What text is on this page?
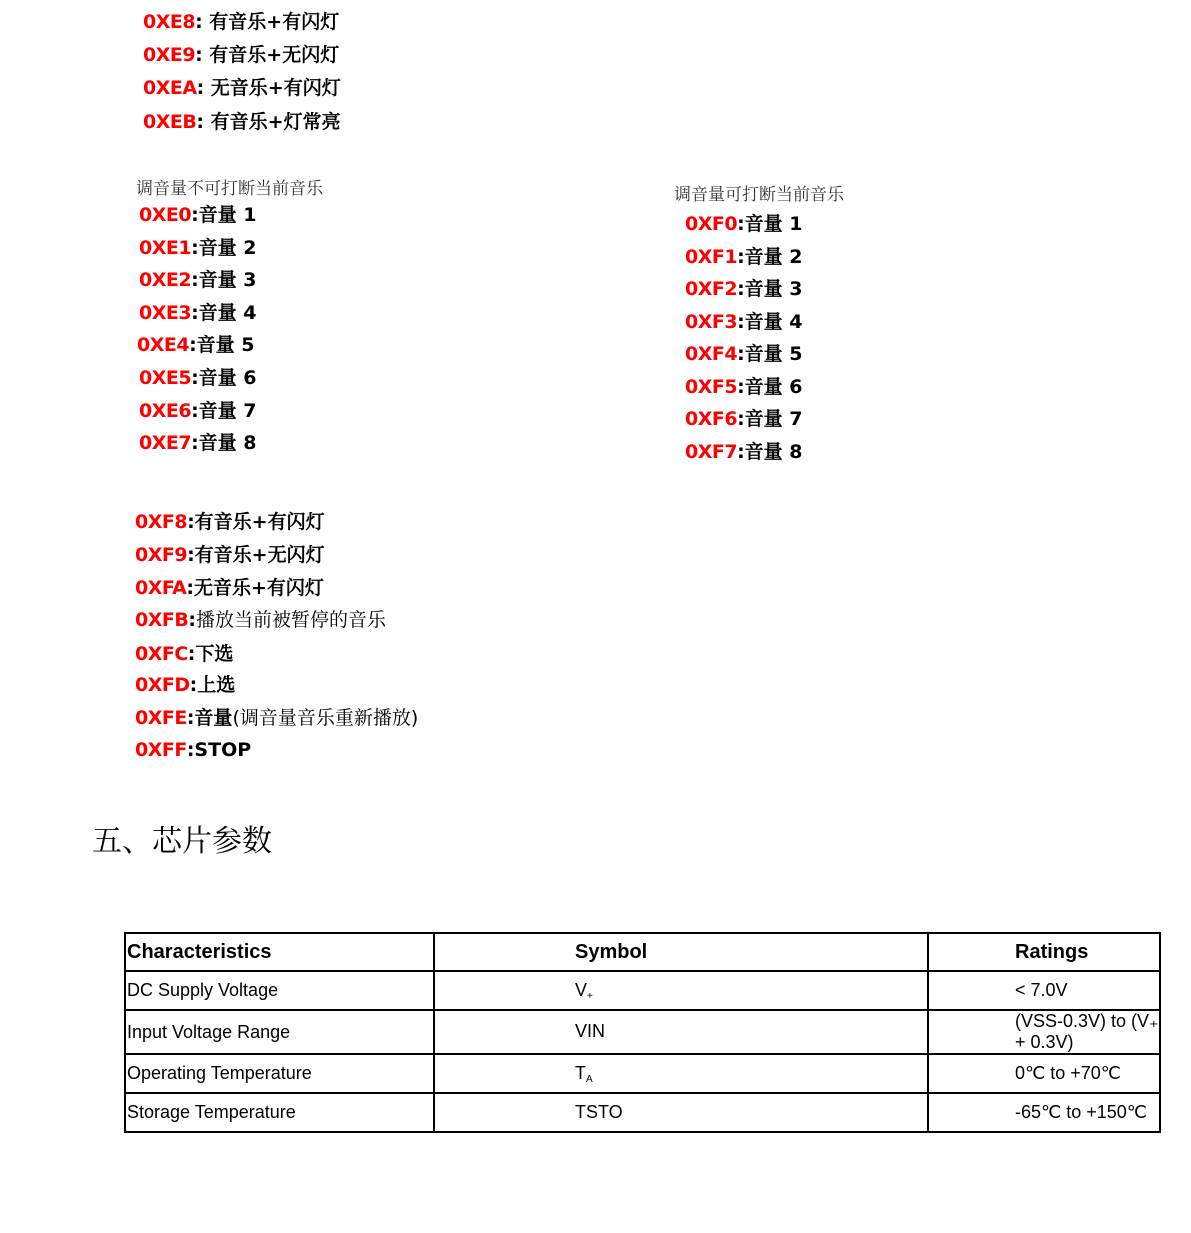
0XE8: 有音乐+有闪灯
0XE9: 有音乐+无闪灯
0XEA: 无音乐+有闪灯
0XEB: 有音乐+灯常亮
调音量不可打断当前音乐
0XE0:音量 1
0XE1:音量 2
0XE2:音量 3
0XE3:音量 4
0XE4:音量 5
0XE5:音量 6
0XE6:音量 7
0XE7:音量 8
调音量可打断当前音乐
0XF0:音量 1
0XF1:音量 2
0XF2:音量 3
0XF3:音量 4
0XF4:音量 5
0XF5:音量 6
0XF6:音量 7
0XF7:音量 8
0XF8:有音乐+有闪灯
0XF9:有音乐+无闪灯
0XFA:无音乐+有闪灯
0XFB:播放当前被暂停的音乐
0XFC:下选
0XFD:上选
0XFE:音量(调音量音乐重新播放)
0XFF:STOP
五、芯片参数
Characteristics	Symbol	Ratings
DC Supply Voltage	$V_+$	< 7.0V
Input Voltage Range	VIN	(VSS-0.3V) to (V₊ + 0.3V)
Operating Temperature	$T_A$	0℃ to +70℃
Storage Temperature	TSTO	-65℃ to +150℃
